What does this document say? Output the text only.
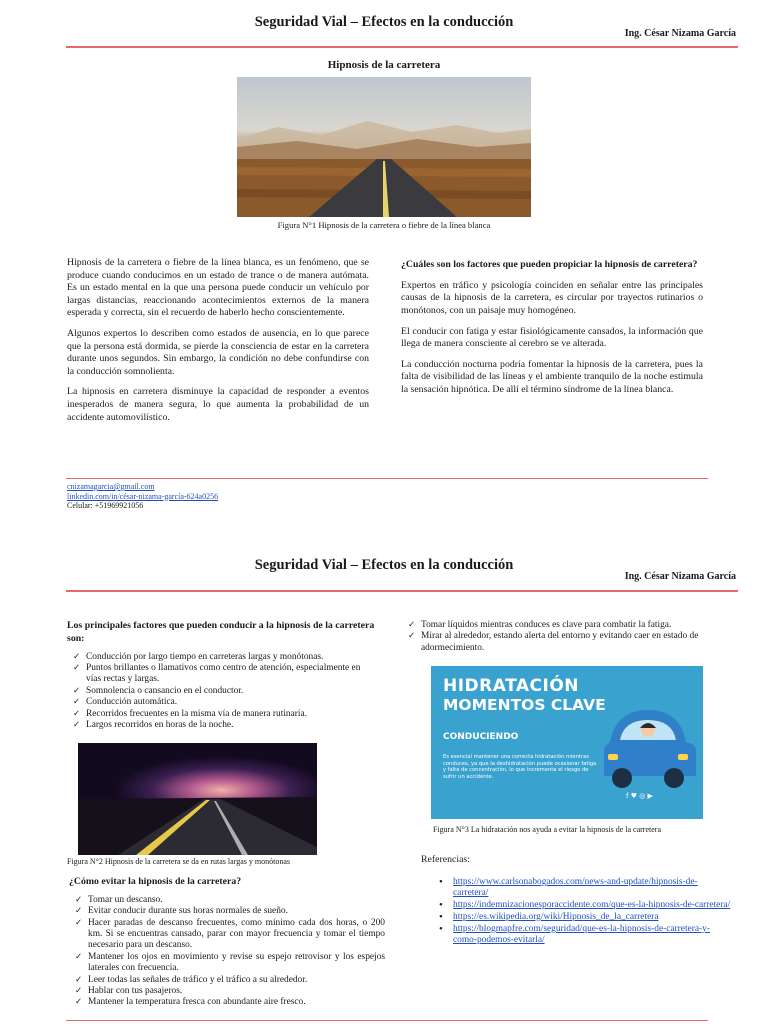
Seguridad Vial – Efectos en la conducción
Ing. César Nizama García
Hipnosis de la carretera
Figura N°1 Hipnosis de la carretera o fiebre de la línea blanca

Hipnosis de la carretera o fiebre de la línea blanca, es un fenómeno, que se produce cuando conducimos en un estado de trance o de manera autómata. Es un estado mental en la que una persona puede conducir un vehículo por largas distancias, reaccionando acontecimientos externos de la manera esperada y correcta, sin el recuerdo de haberlo hecho conscientemente.

Algunos expertos lo describen como estados de ausencia, en lo que parece que la persona está dormida, se pierde la consciencia de estar en la carretera durante unos segundos. Sin embargo, la condición no debe confundirse con la conducción somnolienta.

La hipnosis en carretera disminuye la capacidad de responder a eventos inesperados de manera segura, lo que aumenta la probabilidad de un accidente automovilístico.

¿Cuáles son los factores que pueden propiciar la hipnosis de carretera?

Expertos en tráfico y psicología coinciden en señalar entre las principales causas de la hipnosis de la carretera, es circular por trayectos rutinarios o monótonos, con un paisaje muy homogéneo.

El conducir con fatiga y estar fisiológicamente cansados, la información que llega de manera consciente al cerebro se ve alterada.

La conducción nocturna podría fomentar la hipnosis de la carretera, pues la falta de visibilidad de las líneas y el ambiente tranquilo de la noche estimula la sensación hipnótica. De allí el término síndrome de la línea blanca.

cnizamagarcia@gmail.com
linkedin.com/in/césar-nizama-garcía-624a0256
Celular: +51969921056
Seguridad Vial – Efectos en la conducción
Ing. César Nizama García

Los principales factores que pueden conducir a la hipnosis de la carretera son:

✓ Conducción por largo tiempo en carreteras largas y monótonas.
✓ Puntos brillantes o llamativos como centro de atención, especialmente en vías rectas y largas.
✓ Somnolencia o cansancio en el conductor.
✓ Conducción automática.
✓ Recorridos frecuentes en la misma vía de manera rutinaria.
✓ Largos recorridos en horas de la noche.
Figura N°2 Hipnosis de la carretera se da en rutas largas y monótonas

¿Cómo evitar la hipnosis de la carretera?

✓ Tomar un descanso.
✓ Evitar conducir durante sus horas normales de sueño.
✓ Hacer paradas de descanso frecuentes, como mínimo cada dos horas, o 200 km. Si se encuentras cansado, parar con mayor frecuencia y tomar el tiempo necesario para un descanso.
✓ Mantener los ojos en movimiento y revise su espejo retrovisor y los espejos laterales con frecuencia.
✓ Leer todas las señales de tráfico y el tráfico a su alrededor.
✓ Hablar con tus pasajeros.
✓ Mantener la temperatura fresca con abundante aire fresco.
✓ Tomar líquidos mientras conduces es clave para combatir la fatiga.
✓ Mirar al alrededor, estando alerta del entorno y evitando caer en estado de adormecimiento.
HIDRATACIÓN
MOMENTOS CLAVE
CONDUCIENDO
Es esencial mantener una correcta hidratación mientras conduces, ya que la deshidratación puede ocasionar fatiga y falta de concentración, lo que incrementa el riesgo de sufrir un accidente.
f ♥ ◎ ▶
Figura N°3 La hidratación nos ayuda a evitar la hipnosis de la carretera
Referencias:
• https://www.carlsonabogados.com/news-and-update/hipnosis-de-carretera/
• https://indemnizacionesporaccidente.com/que-es-la-hipnosis-de-carretera/
• https://es.wikipedia.org/wiki/Hipnosis_de_la_carretera
• https://blogmapfre.com/seguridad/que-es-la-hipnosis-de-carretera-y-como-podemos-evitarla/
